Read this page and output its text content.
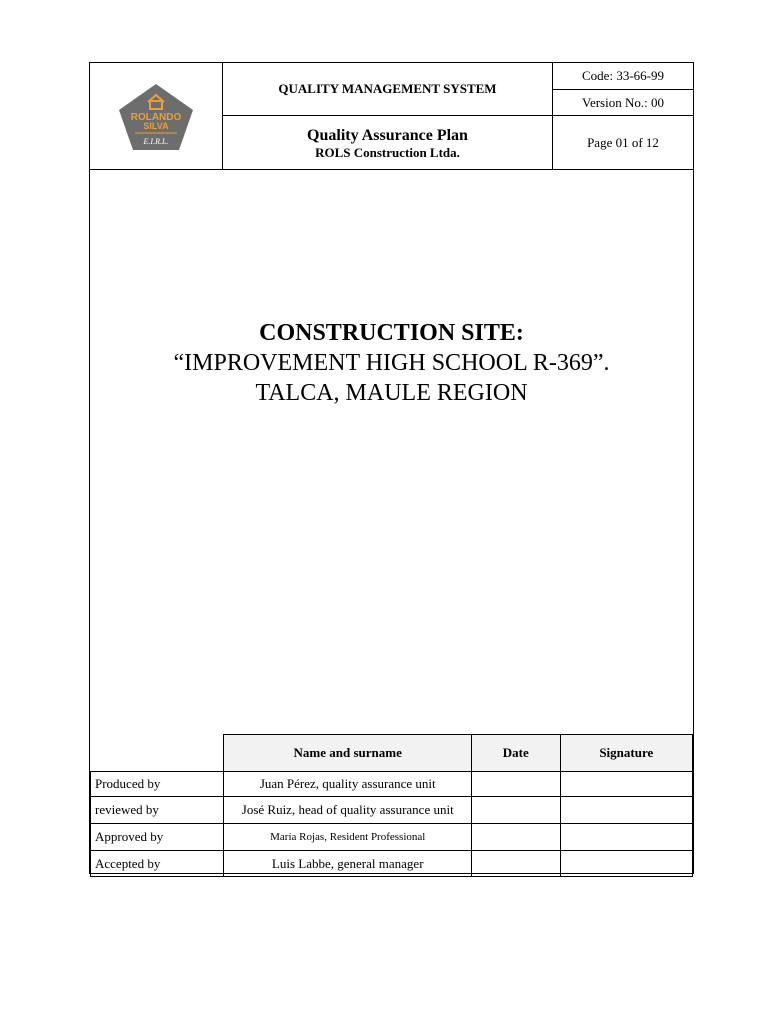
ROLANDO
SILVA
E.I.R.L.
QUALITY MANAGEMENT SYSTEM
Code: 33-66-99
Version No.: 00
Quality Assurance Plan
ROLS Construction Ltda.
Page 01 of 12
CONSTRUCTION SITE:
“IMPROVEMENT HIGH SCHOOL R-369”.
TALCA, MAULE REGION
	Name and surname	Date	Signature
Produced by	Juan Pérez, quality assurance unit		
reviewed by	José Ruiz, head of quality assurance unit		
Approved by	María Rojas, Resident Professional		
Accepted by	Luis Labbe, general manager		
